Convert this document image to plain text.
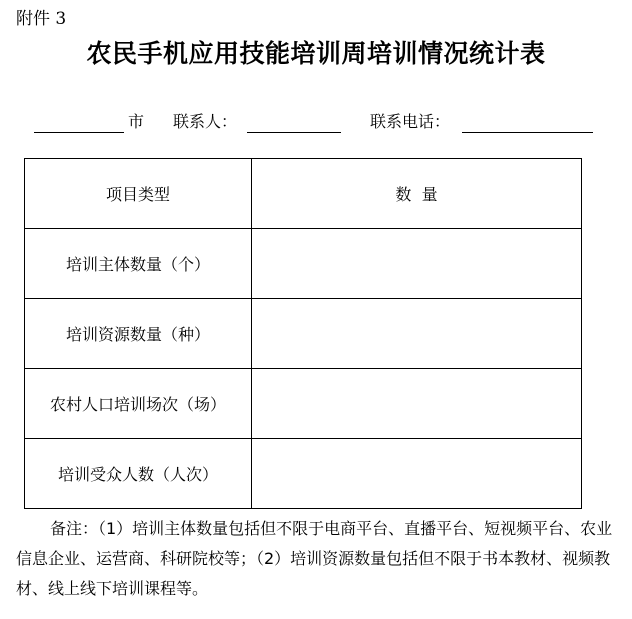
附件 3
农民手机应用技能培训周培训情况统计表
市 联系人：	联系电话：
项目类型	数  量
培训主体数量（个）	
培训资源数量（种）	
农村人口培训场次（场）	
培训受众人数（人次）	
备注：（1）培训主体数量包括但不限于电商平台、直播平台、短视频平台、农业信息企业、运营商、科研院校等；（2）培训资源数量包括但不限于书本教材、视频教材、线上线下培训课程等。
